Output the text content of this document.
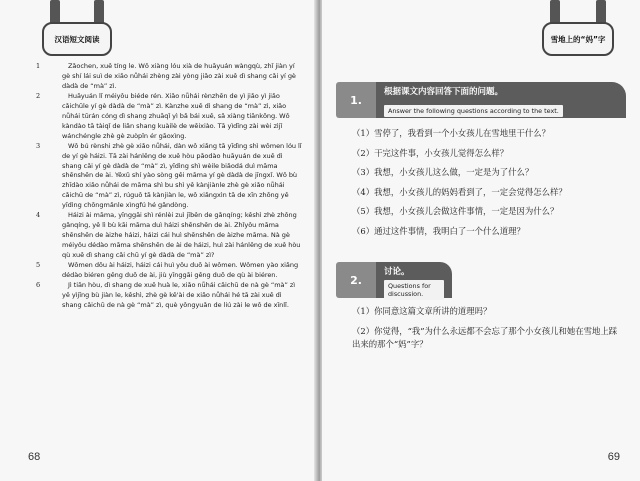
汉语短文阅读
1	Zǎochen, xuě tíng le. Wǒ xiàng lóu xià de huāyuán wàngqù, zhǐ jiàn yí gè shí lái suì de xiǎo nǚhái zhèng zài yòng jiǎo zài xuě dì shang cǎi yí gè dàdà de “mà” zì.

2	Huāyuán lǐ méiyǒu biéde rén. Xiǎo nǚhái rènzhēn de yì jiǎo yì jiǎo cǎichūle yí gè dàdà de “mà” zì. Kànzhe xuě dì shang de “mà” zì, xiǎo nǚhái tūrán cóng dì shang zhuāqǐ yì bǎ bái xuě, sǎ xiàng tiānkōng. Wǒ kàndào tā tàiqǐ de liǎn shang kuàilè de wēixiào. Tā yìdīng zài wèi zìjǐ wánchéngle zhè gè zuòpǐn ér gāoxìng.

3	Wǒ bú rènshi zhè gè xiǎo nǚhái, dàn wǒ xiǎng tā yīdìng shì wǒmen lóu lǐ de yí gè háizi. Tā zài hánlěng de xuě hòu pǎodào huāyuán de xuě dì shang cǎi yí gè dàdà de “mà” zì, yīdìng shì wèile biǎodá duì māma shēnshēn de ài. Yěxǔ shí yào sòng gěi māma yí gè dàdà de jīngxǐ. Wǒ bù zhīdào xiǎo nǚhái de māma shì bu shì yě kànjiànle zhè gè xiǎo nǚhái cǎichū de “mà” zì, rúguǒ tā kànjiàn le, wǒ xiǎngxìn tā de xīn zhōng yě yīdìng chōngmǎnle xìngfú hé gǎndòng.

4	Háizi ài māma, yīnggāi shì rénlèi zuì jīběn de gǎnqíng; kěshì zhè zhǒng gǎnqíng, yě lì bù kāi māma duì háizi shēnshēn de ài. Zhǐyǒu māma shēnshēn de àizhe háizi, háizi cái huì shēnshēn de àizhe māma. Nà gè méiyǒu dédào māma shēnshēn de ài de háizi, huì zài hánlěng de xuě hòu qù xuě dì shang cǎi chū yí gè dàdà de “mà” zì?

5	Wǒmen dōu ài háizi, háizi cái huì yǒu duō ài wǒmen. Wǒmen yào xiǎng dédào biéren gěng duō de ài, jiù yīnggāi gěng duō de qù ài biéren.

6	Jì tiān hòu, dì shang de xuě huà le, xiǎo nǚhái cǎichū de nà gè “mà” zì yě yìjīng bù jiàn le, kěshì, zhè gè kě'ài de xiǎo nǚhái hé tā zài xuě dì shang cǎichū de nà gè “mà” zì, què yǒngyuǎn de liú zài le wǒ de xīnlǐ.

68
雪地上的“妈”字
1.
根据课文内容回答下面的问题。
Answer the following questions according to the text.
（1）雪停了，我看到一个小女孩儿在雪地里干什么？
（2）干完这件事，小女孩儿觉得怎么样？
（3）我想，小女孩儿这么做，一定是为了什么？
（4）我想，小女孩儿的妈妈看到了，一定会觉得怎么样？
（5）我想，小女孩儿会做这件事情，一定是因为什么？
（6）通过这件事情，我明白了一个什么道理？
2.
讨论。
Questions for discussion.
（1）你同意这篇文章所讲的道理吗？
（2）你觉得，“我”为什么永远都不会忘了那个小女孩儿和她在雪地上踩出来的那个“妈”字？
69
